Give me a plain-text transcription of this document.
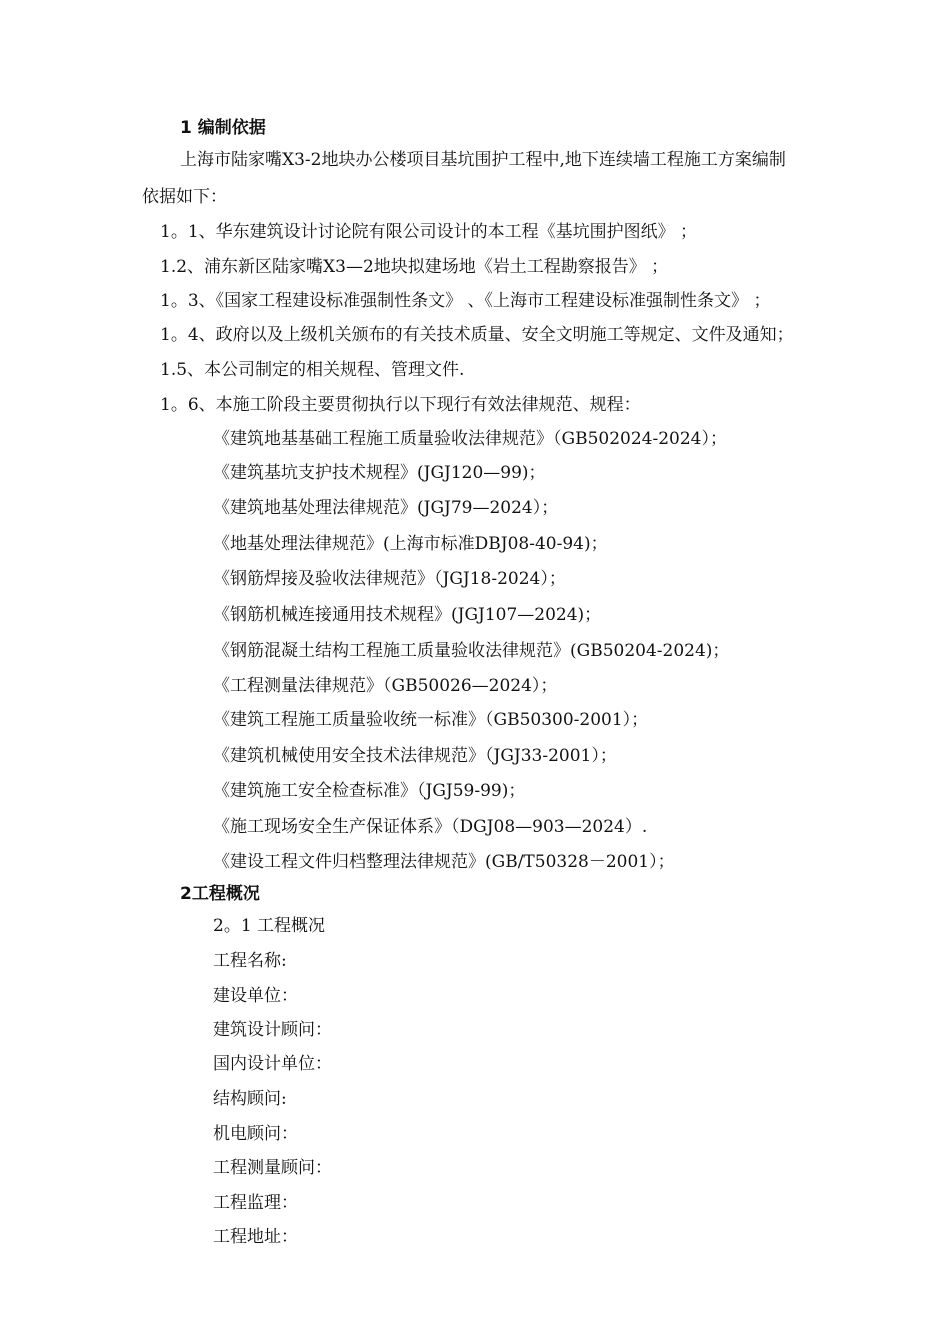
1 编制依据
上海市陆家嘴X3-2地块办公楼项目基坑围护工程中,地下连续墙工程施工方案编制
依据如下：
1。1、华东建筑设计讨论院有限公司设计的本工程《基坑围护图纸》 ；
1.2、浦东新区陆家嘴X3—2地块拟建场地《岩土工程勘察报告》 ；
1。3、《国家工程建设标准强制性条文》 、《上海市工程建设标准强制性条文》 ；
1。4、政府以及上级机关颁布的有关技术质量、安全文明施工等规定、文件及通知；
1.5、本公司制定的相关规程、管理文件.
1。6、本施工阶段主要贯彻执行以下现行有效法律规范、规程：
《建筑地基基础工程施工质量验收法律规范》（GB502024-2024）；
《建筑基坑支护技术规程》(JGJ120—99)；
《建筑地基处理法律规范》(JGJ79—2024）；
《地基处理法律规范》(上海市标准DBJ08-40-94)；
《钢筋焊接及验收法律规范》（JGJ18-2024）；
《钢筋机械连接通用技术规程》(JGJ107—2024)；
《钢筋混凝土结构工程施工质量验收法律规范》(GB50204-2024)；
《工程测量法律规范》（GB50026—2024）；
《建筑工程施工质量验收统一标准》（GB50300-2001）；
《建筑机械使用安全技术法律规范》（JGJ33-2001）；
《建筑施工安全检查标准》（JGJ59-99)；
《施工现场安全生产保证体系》（DGJ08—903—2024）.
《建设工程文件归档整理法律规范》(GB/T50328－2001）；
2工程概况
2。1 工程概况
工程名称:
建设单位：
建筑设计顾问：
国内设计单位：
结构顾问:
机电顾问：
工程测量顾问：
工程监理：
工程地址：
